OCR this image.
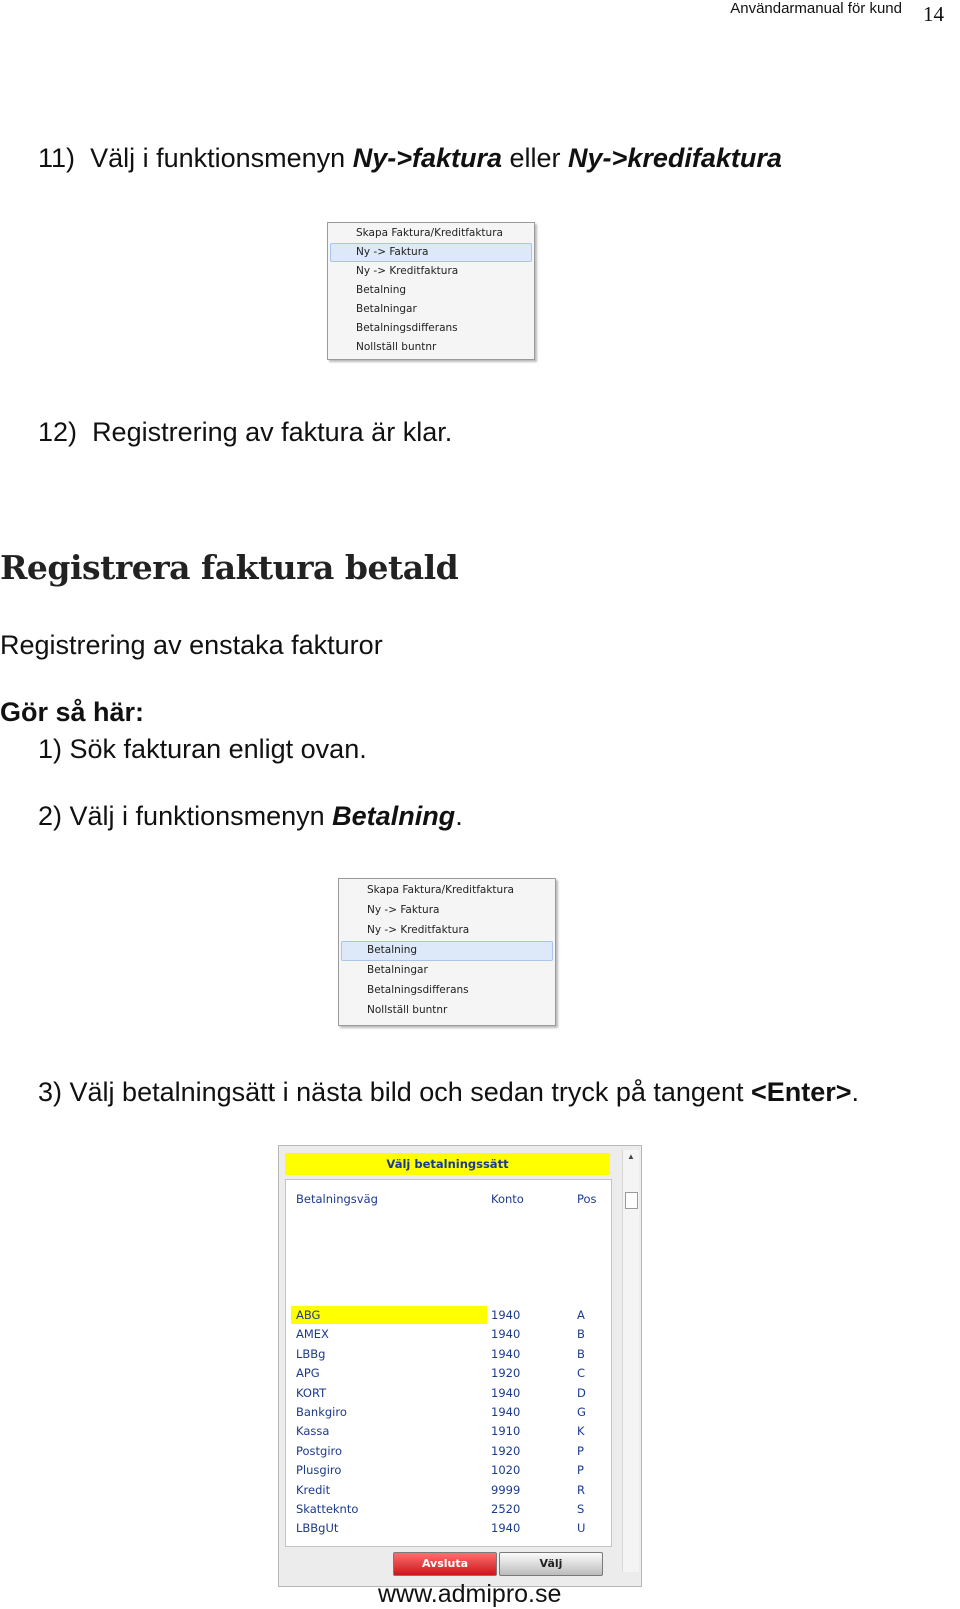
Användarmanual för kund 14
11) Välj i funktionsmenyn Ny->faktura eller Ny->kredifaktura
Skapa Faktura/Kreditfaktura
Ny -> Faktura
Ny -> Kreditfaktura
Betalning
Betalningar
Betalningsdifferans
Nollställ buntnr
12) Registrering av faktura är klar.
Registrera faktura betald
Registrering av enstaka fakturor
Gör så här:
1) Sök fakturan enligt ovan.
2) Välj i funktionsmenyn Betalning.
Skapa Faktura/Kreditfaktura
Ny -> Faktura
Ny -> Kreditfaktura
Betalning
Betalningar
Betalningsdifferans
Nollställ buntnr
3) Välj betalningsätt i nästa bild och sedan tryck på tangent <Enter>.
Välj betalningssätt
▲
Betalningsväg	Konto	Pos
ABG	1940	A
AMEX	1940	B
LBBg	1940	B
APG	1920	C
KORT	1940	D
Bankgiro	1940	G
Kassa	1910	K
Postgiro	1920	P
Plusgiro	1020	P
Kredit	9999	R
Skatteknto	2520	S
LBBgUt	1940	U
Avsluta	Välj
www.admipro.se
